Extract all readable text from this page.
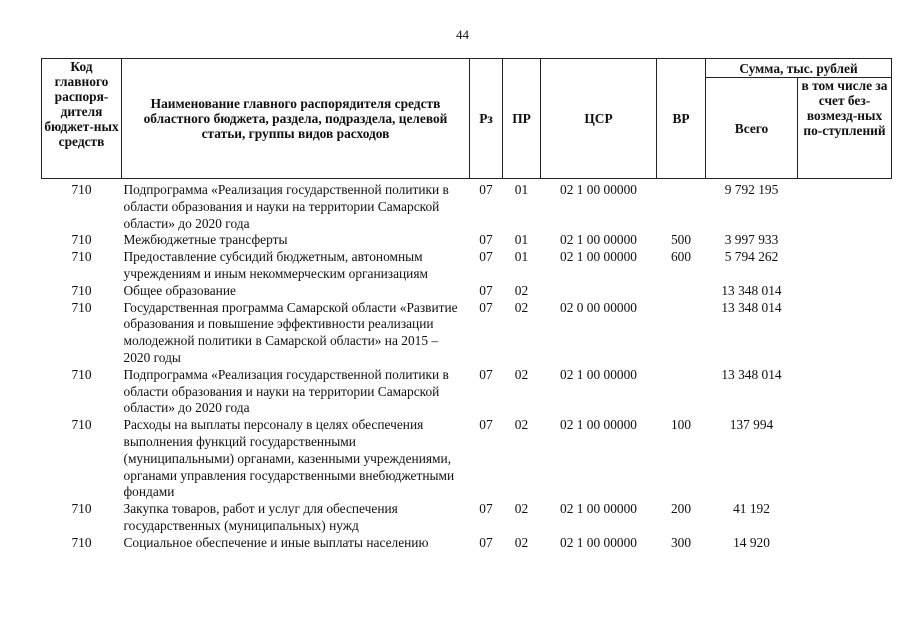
44
Код главного распоря-дителя бюджет-ных средств	Наименование главного распорядителя средств областного бюджета, раздела, подраздела, целевой статьи, группы видов расходов	Рз	ПР	ЦСР	ВР	Сумма, тыс. рублей	
						Всего	в том числе за счет без-возмезд-ных по-ступлений

710	Подпрограмма «Реализация государственной политики в области образования и науки на территории Самарской области» до 2020 года	07	01	02 1 00 00000		9 792 195	
710	Межбюджетные трансферты	07	01	02 1 00 00000	500	3 997 933	
710	Предоставление субсидий бюджетным, автономным учреждениям и иным некоммерческим организациям	07	01	02 1 00 00000	600	5 794 262	
710	Общее образование	07	02			13 348 014	
710	Государственная программа Самарской области «Развитие образования и повышение эффективности реализации молодежной политики в Самарской области» на 2015 – 2020 годы	07	02	02 0 00 00000		13 348 014	
710	Подпрограмма «Реализация государственной политики в области образования и науки на территории Самарской области» до 2020 года	07	02	02 1 00 00000		13 348 014	
710	Расходы на выплаты персоналу в целях обеспечения выполнения функций государственными (муниципальными) органами, казенными учреждениями, органами управления государственными внебюджетными фондами	07	02	02 1 00 00000	100	137 994	
710	Закупка товаров, работ и услуг для обеспечения государственных (муниципальных) нужд	07	02	02 1 00 00000	200	41 192	
710	Социальное обеспечение и иные выплаты населению	07	02	02 1 00 00000	300	14 920	
